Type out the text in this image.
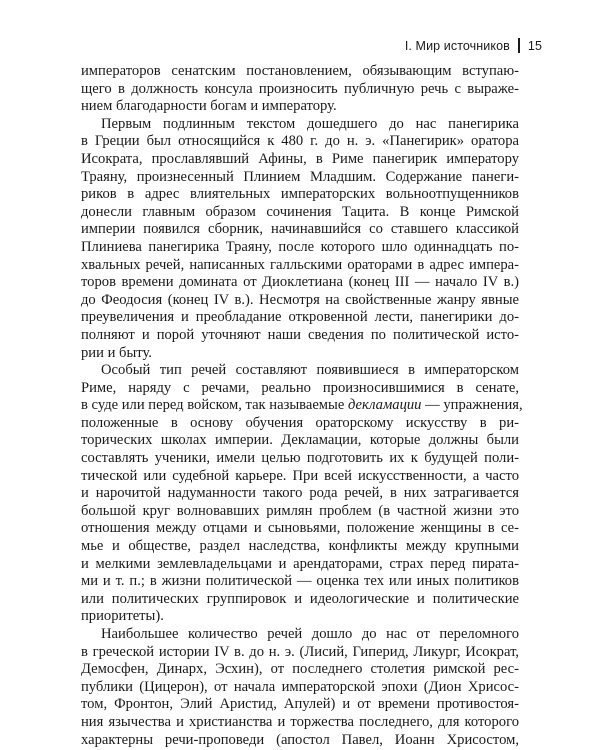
I. Мир источников 15
императоров сенатским постановлением, обязывающим вступаю-
щего в должность консула произносить публичную речь с выраже-
нием благодарности богам и императору.
Первым подлинным текстом дошедшего до нас панегирика
в Греции был относящийся к 480 г. до н. э. «Панегирик» оратора
Исократа, прославлявший Афины, в Риме панегирик императору
Траяну, произнесенный Плинием Младшим. Содержание панеги-
риков в адрес влиятельных императорских вольноотпущенников
донесли главным образом сочинения Тацита. В конце Римской
империи появился сборник, начинавшийся со ставшего классикой
Плиниева панегирика Траяну, после которого шло одиннадцать по-
хвальных речей, написанных галльскими ораторами в адрес импера-
торов времени домината от Диоклетиана (конец III — начало IV в.)
до Феодосия (конец IV в.). Несмотря на свойственные жанру явные
преувеличения и преобладание откровенной лести, панегирики до-
полняют и порой уточняют наши сведения по политической исто-
рии и быту.
Особый тип речей составляют появившиеся в императорском
Риме, наряду с речами, реально произносившимися в сенате,
в суде или перед войском, так называемые декламации — упражнения,
положенные в основу обучения ораторскому искусству в ри-
торических школах империи. Декламации, которые должны были
составлять ученики, имели целью подготовить их к будущей поли-
тической или судебной карьере. При всей искусственности, а часто
и нарочитой надуманности такого рода речей, в них затрагивается
большой круг волновавших римлян проблем (в частной жизни это
отношения между отцами и сыновьями, положение женщины в се-
мье и обществе, раздел наследства, конфликты между крупными
и мелкими землевладельцами и арендаторами, страх перед пирата-
ми и т. п.; в жизни политической — оценка тех или иных политиков
или политических группировок и идеологические и политические
приоритеты).
Наибольшее количество речей дошло до нас от переломного
в греческой истории IV в. до н. э. (Лисий, Гиперид, Ликург, Исократ,
Демосфен, Динарх, Эсхин), от последнего столетия римской рес-
публики (Цицерон), от начала императорской эпохи (Дион Хрисос-
том, Фронтон, Элий Аристид, Апулей) и от времени противостоя-
ния язычества и христианства и торжества последнего, для которого
характерны речи-проповеди (апостол Павел, Иоанн Хрисостом,
